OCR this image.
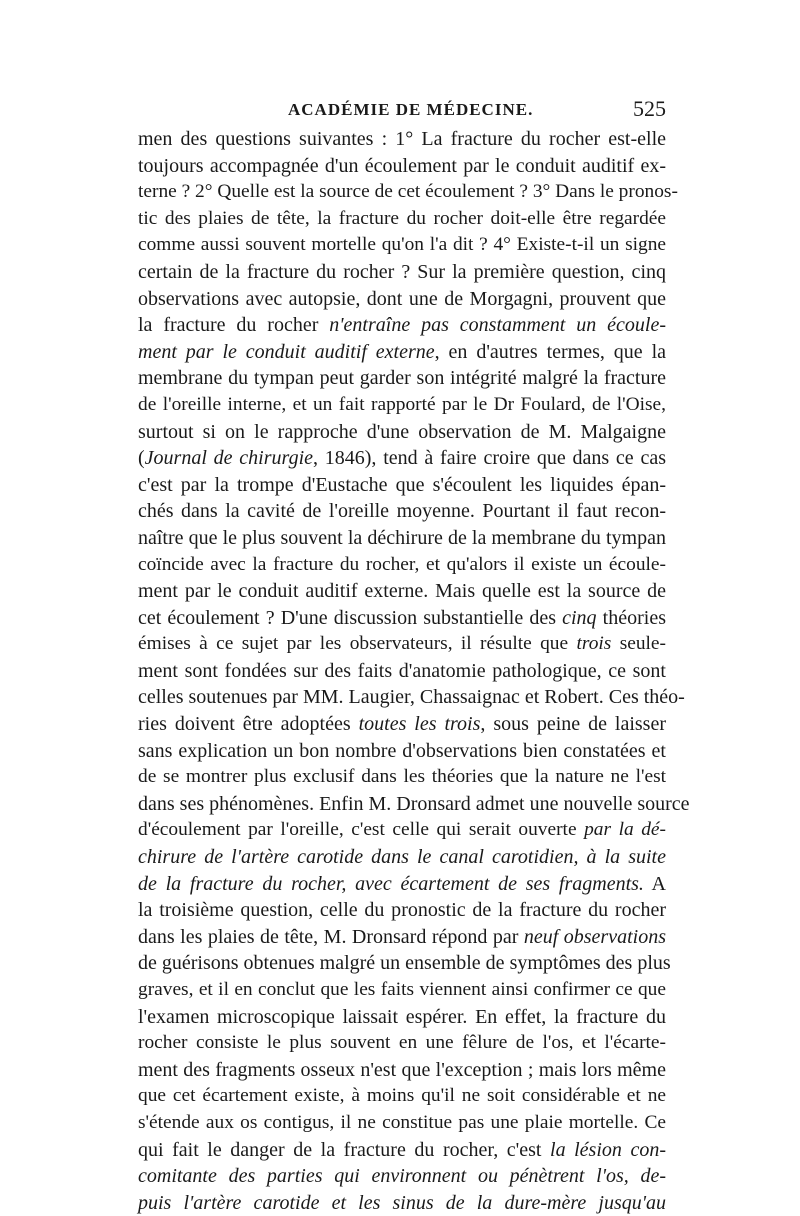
ACADÉMIE DE MÉDECINE.	525
men des questions suivantes : 1° La fracture du rocher est-elle
toujours accompagnée d'un écoulement par le conduit auditif ex-
terne ? 2° Quelle est la source de cet écoulement ? 3° Dans le pronos-
tic des plaies de tête, la fracture du rocher doit-elle être regardée
comme aussi souvent mortelle qu'on l'a dit ? 4° Existe-t-il un signe
certain de la fracture du rocher ? Sur la première question, cinq
observations avec autopsie, dont une de Morgagni, prouvent que
la fracture du rocher n'entraîne pas constamment un écoule-
ment par le conduit auditif externe, en d'autres termes, que la
membrane du tympan peut garder son intégrité malgré la fracture
de l'oreille interne, et un fait rapporté par le Dr Foulard, de l'Oise,
surtout si on le rapproche d'une observation de M. Malgaigne
(Journal de chirurgie, 1846), tend à faire croire que dans ce cas
c'est par la trompe d'Eustache que s'écoulent les liquides épan-
chés dans la cavité de l'oreille moyenne. Pourtant il faut recon-
naître que le plus souvent la déchirure de la membrane du tympan
coïncide avec la fracture du rocher, et qu'alors il existe un écoule-
ment par le conduit auditif externe. Mais quelle est la source de
cet écoulement ? D'une discussion substantielle des cinq théories
émises à ce sujet par les observateurs, il résulte que trois seule-
ment sont fondées sur des faits d'anatomie pathologique, ce sont
celles soutenues par MM. Laugier, Chassaignac et Robert. Ces théo-
ries doivent être adoptées toutes les trois, sous peine de laisser
sans explication un bon nombre d'observations bien constatées et
de se montrer plus exclusif dans les théories que la nature ne l'est
dans ses phénomènes. Enfin M. Dronsard admet une nouvelle source
d'écoulement par l'oreille, c'est celle qui serait ouverte par la dé-
chirure de l'artère carotide dans le canal carotidien, à la suite
de la fracture du rocher, avec écartement de ses fragments. A
la troisième question, celle du pronostic de la fracture du rocher
dans les plaies de tête, M. Dronsard répond par neuf observations
de guérisons obtenues malgré un ensemble de symptômes des plus
graves, et il en conclut que les faits viennent ainsi confirmer ce que
l'examen microscopique laissait espérer. En effet, la fracture du
rocher consiste le plus souvent en une fêlure de l'os, et l'écarte-
ment des fragments osseux n'est que l'exception ; mais lors même
que cet écartement existe, à moins qu'il ne soit considérable et ne
s'étende aux os contigus, il ne constitue pas une plaie mortelle. Ce
qui fait le danger de la fracture du rocher, c'est la lésion con-
comitante des parties qui environnent ou pénètrent l'os, de-
puis l'artère carotide et les sinus de la dure-mère jusqu'au
